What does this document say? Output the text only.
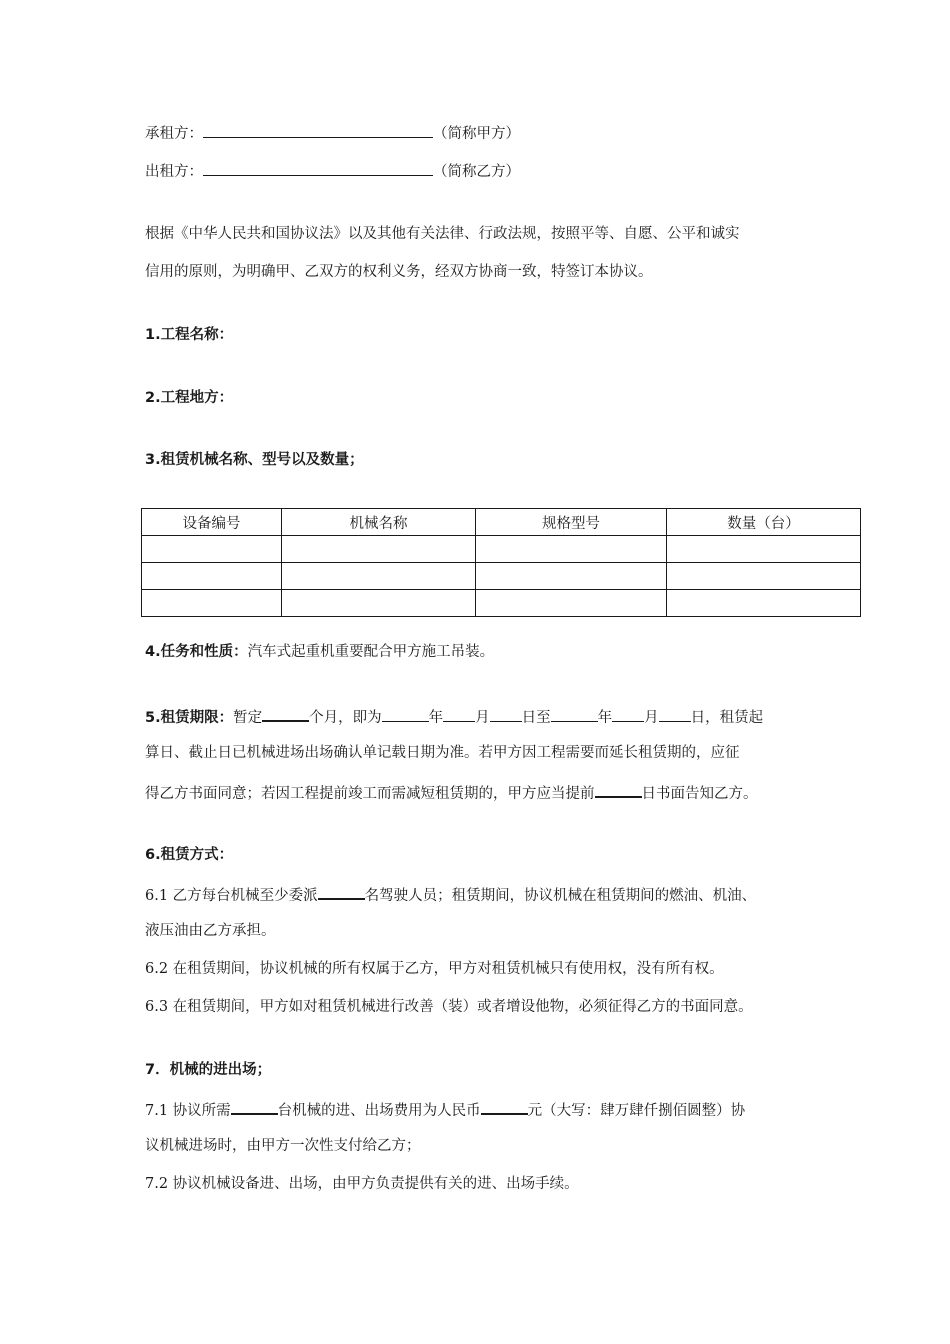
承租方：	（简称甲方）
出租方：	（简称乙方）
根据《中华人民共和国协议法》以及其他有关法律、行政法规，按照平等、自愿、公平和诚实
信用的原则，为明确甲、乙双方的权利义务，经双方协商一致，特签订本协议。
1.工程名称：
2.工程地方：
3.租赁机械名称、型号以及数量；
设备编号	机械名称	规格型号	数量（台）

4.任务和性质：汽车式起重机重要配合甲方施工吊装。
5.租赁期限：暂定	个月，即为	年 月 日至	年 月 日，租赁起
算日、截止日已机械进场出场确认单记载日期为准。若甲方因工程需要而延长租赁期的，应征
得乙方书面同意；若因工程提前竣工而需减短租赁期的，甲方应当提前	日书面告知乙方。
6.租赁方式：
6.1 乙方每台机械至少委派	名驾驶人员；租赁期间，协议机械在租赁期间的燃油、机油、
液压油由乙方承担。
6.2 在租赁期间，协议机械的所有权属于乙方，甲方对租赁机械只有使用权，没有所有权。
6.3 在租赁期间，甲方如对租赁机械进行改善（装）或者增设他物，必须征得乙方的书面同意。
7．机械的进出场；
7.1 协议所需	台机械的进、出场费用为人民币	元（大写：肆万肆仟捌佰圆整）协
议机械进场时，由甲方一次性支付给乙方；
7.2 协议机械设备进、出场，由甲方负责提供有关的进、出场手续。
